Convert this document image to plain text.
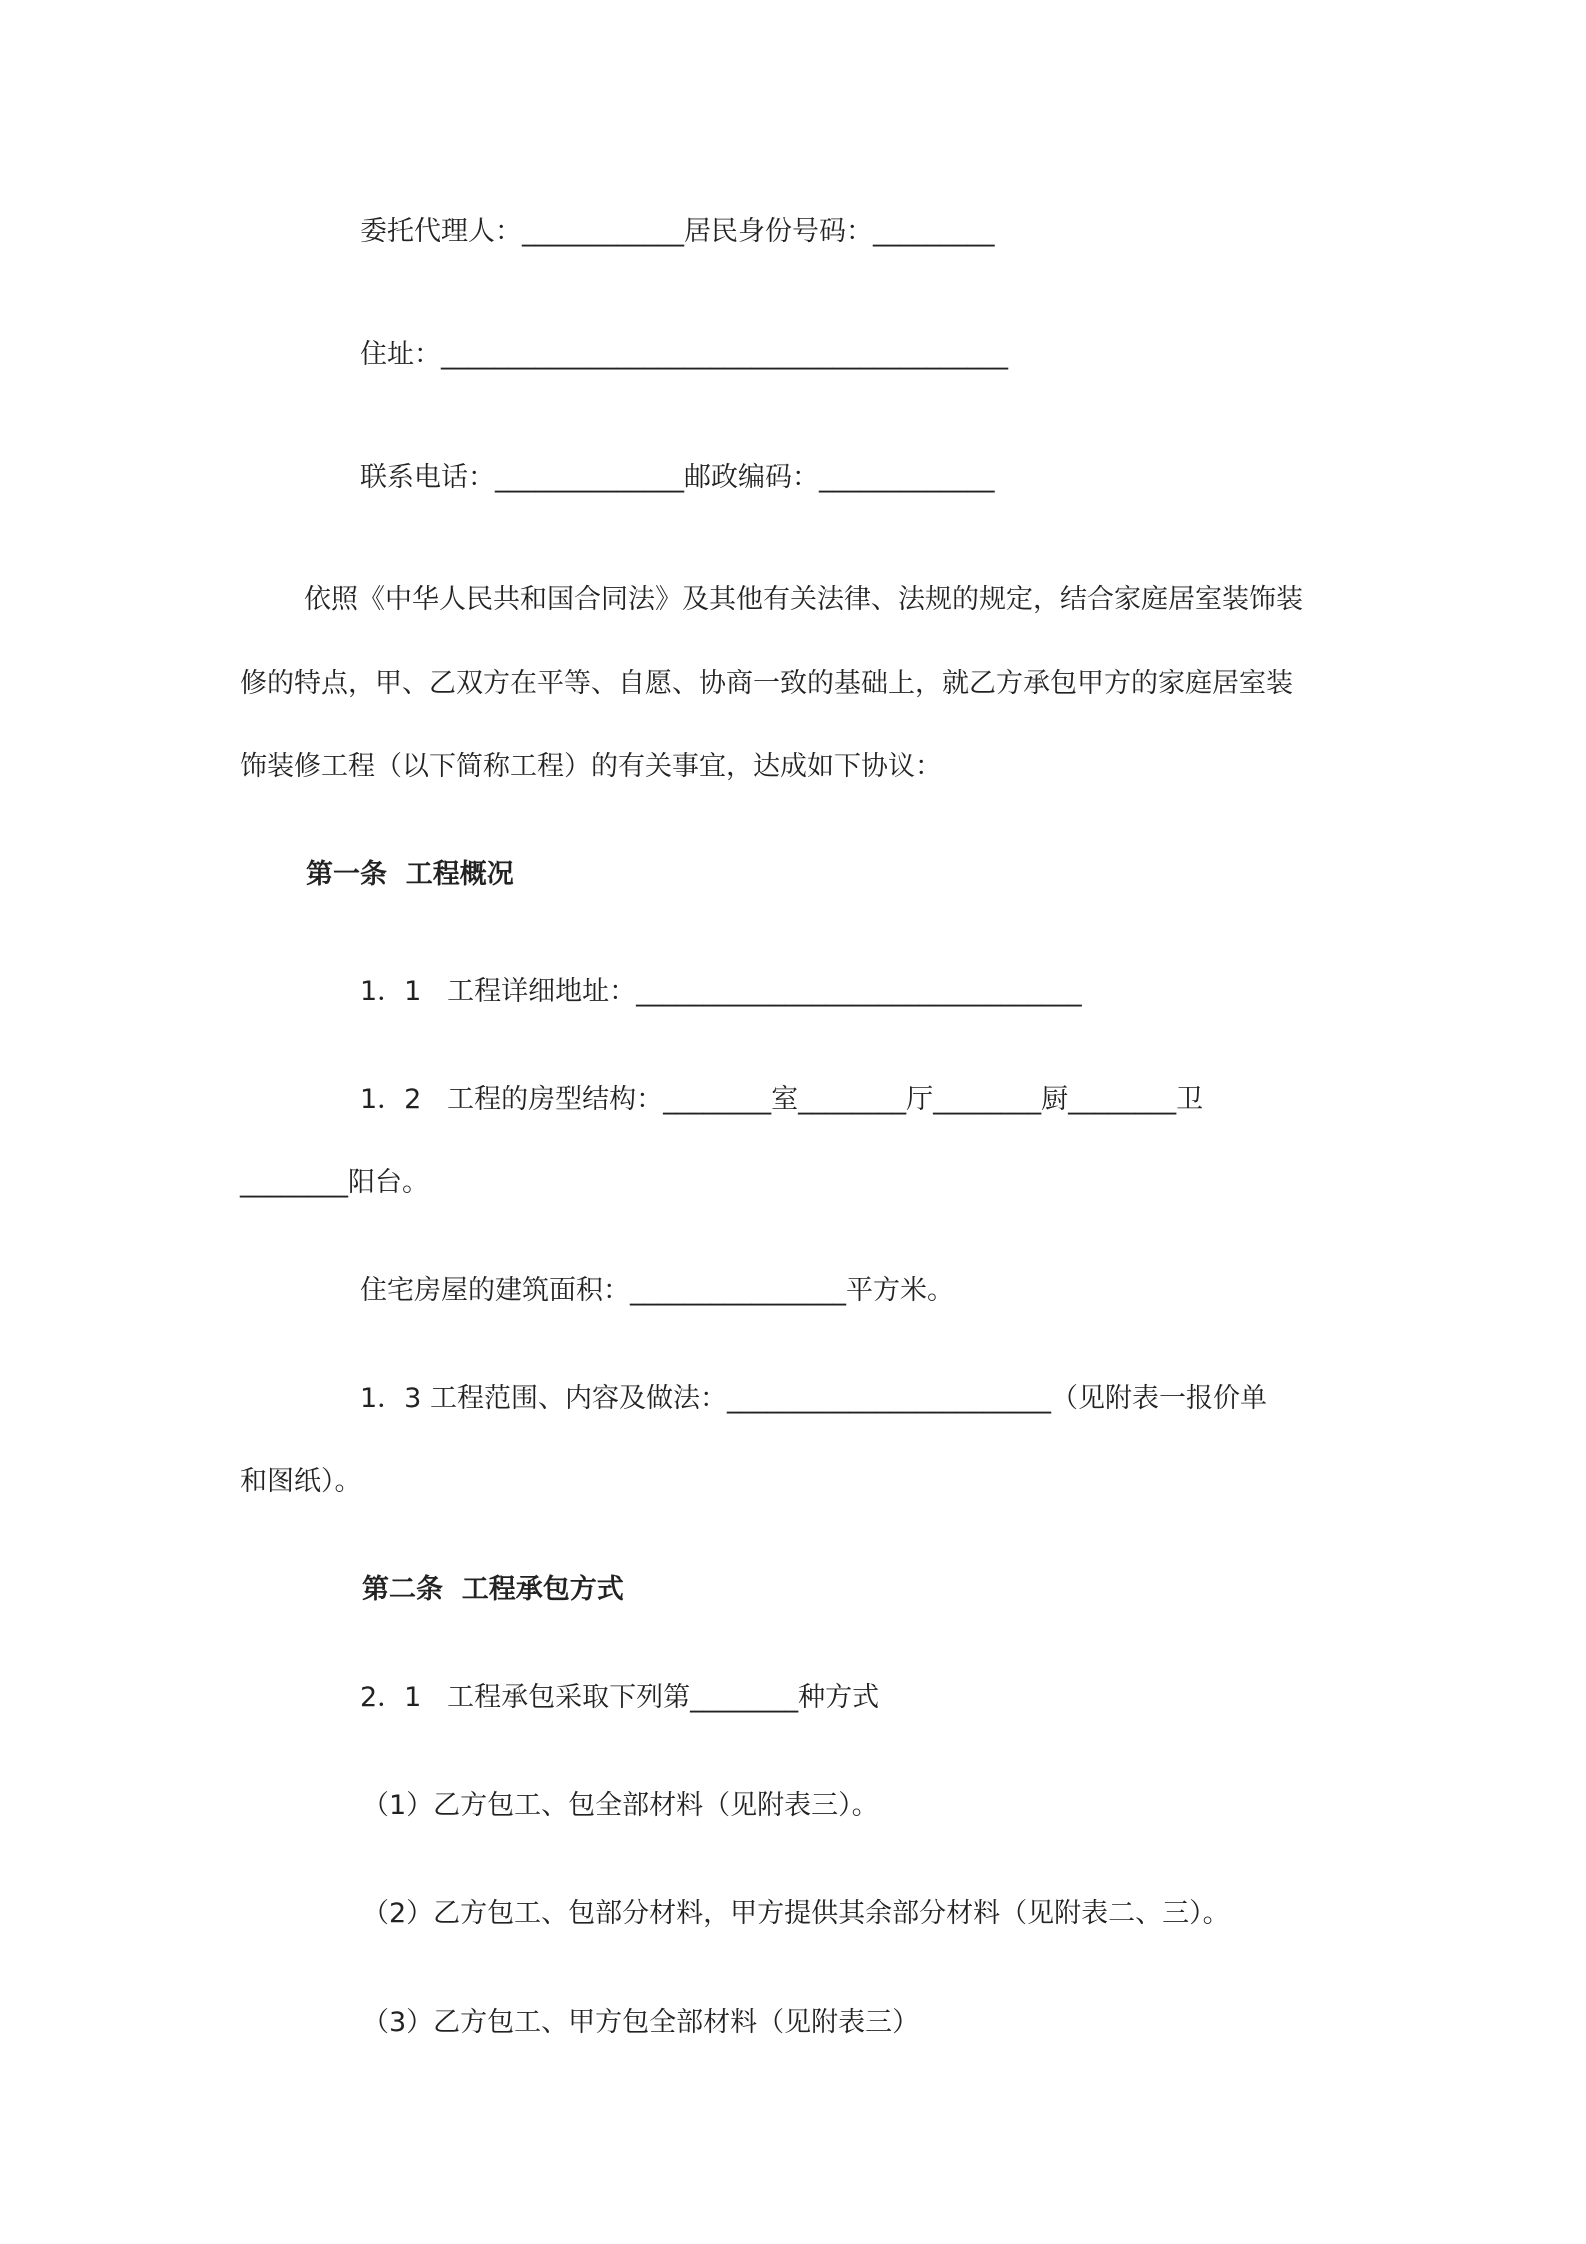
委托代理人：____________居民身份号码：_________

住址：__________________________________________

联系电话：______________邮政编码：_____________

依照《中华人民共和国合同法》及其他有关法律、法规的规定，结合家庭居室装饰装

修的特点，甲、乙双方在平等、自愿、协商一致的基础上，就乙方承包甲方的家庭居室装

饰装修工程（以下简称工程）的有关事宜，达成如下协议：

第一条  工程概况

1．1   工程详细地址：_________________________________

1．2   工程的房型结构：________室________厅________厨________卫

________阳台。

住宅房屋的建筑面积：________________平方米。

1．3 工程范围、内容及做法：________________________（见附表一报价单

和图纸）。

第二条  工程承包方式

2．1   工程承包采取下列第________种方式

（1）乙方包工、包全部材料（见附表三）。

（2）乙方包工、包部分材料，甲方提供其余部分材料（见附表二、三）。

（3）乙方包工、甲方包全部材料（见附表三）
